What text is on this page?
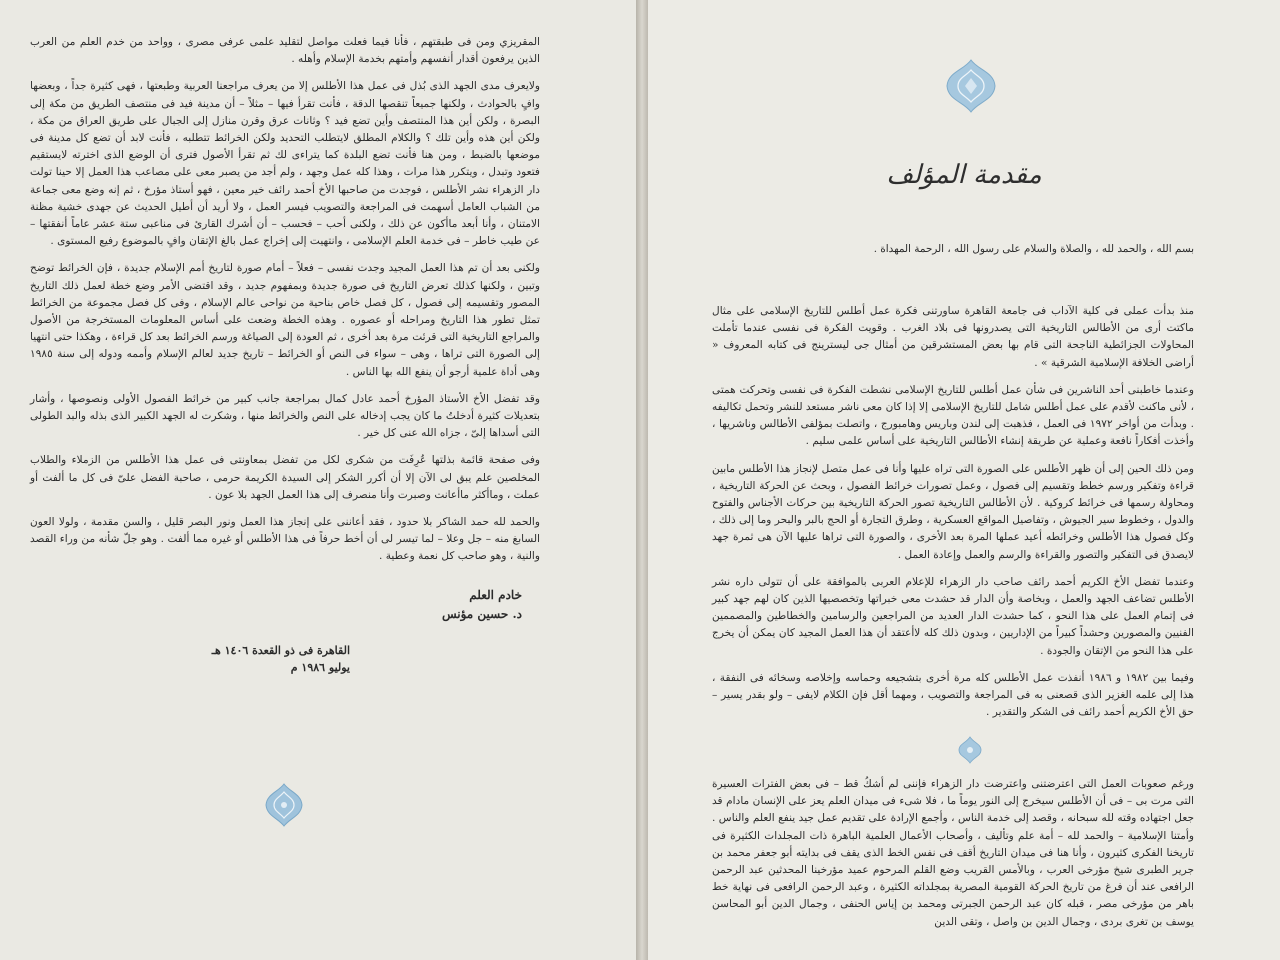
المقريزي ومن فى طبقتهم ، فأنا فيما فعلت مواصل لتقليد علمى عرفى مصرى ، وواحد من خدم العلم من العرب الذين يرفعون أقدار أنفسهم وأمتهم بخدمة الإسلام وأهله .

ولايعرف مدى الجهد الذى بُذل فى عمل هذا الأطلس إلا من يعرف مراجعنا العربية وطبعتها ، فهى كثيرة جداً ، وبعضها وافٍ بالحوادث ، ولكنها جميعاً تنقصها الدقة ، فأنت تقرأ فيها – مثلاً – أن مدينة فيد فى منتصف الطريق من مكة إلى البصرة ، ولكن أين هذا المنتصف وأين تضع فيد ؟ وثانات عرق وقرن منازل إلى الجبال على طريق العراق من مكة ، ولكن أين هذه وأين تلك ؟ والكلام المطلق لايتطلب التحديد ولكن الخرائط تتطلبه ، فأنت لابد أن تضع كل مدينة فى موضعها بالضبط ، ومن هنا فأنت تضع البلدة كما يتراءى لك ثم تقرأ الأصول فترى أن الوضع الذى اخترته لايستقيم فتعود وتبدل ، ويتكرر هذا مرات ، وهذا كله عمل وجهد ، ولم أجد من يصبر معى على مصاعب هذا العمل إلا حينا تولت دار الزهراء نشر الأطلس ، فوجدت من صاحبها الأخ أحمد رائف خير معين ، فهو أستاذ مؤرخ ، ثم إنه وضع معى جماعة من الشباب العامل أسهمت فى المراجعة والتصويب فيسر العمل ، ولا أريد أن أطيل الحديث عن جهدى خشية مظنة الامتنان ، وأنا أبعد ماأكون عن ذلك ، ولكنى أحب – فحسب – أن أشرك القارئ فى مناعبى ستة عشر عاماً أنفقتها – عن طيب خاطر – فى خدمة العلم الإسلامى ، وانتهيت إلى إخراج عمل بالغ الإتقان وافٍ بالموضوع رفيع المستوى .

ولكنى بعد أن تم هذا العمل المجيد وجدت نفسى – فعلاً – أمام صورة لتاريخ أمم الإسلام جديدة ، فإن الخرائط توضح وتبين ، ولكنها كذلك تعرض التاريخ فى صورة جديدة وبمفهوم جديد ، وقد اقتضى الأمر وضع خطة لعمل ذلك التاريخ المصور وتقسيمه إلى فصول ، كل فصل خاص بناحية من نواحى عالم الإسلام ، وفى كل فصل مجموعة من الخرائط تمثل تطور هذا التاريخ ومراحله أو عصوره . وهذه الخطة وضعت على أساس المعلومات المستخرجة من الأصول والمراجع التاريخية التى قرئت مرة بعد أخرى ، ثم العودة إلى الصياغة ورسم الخرائط بعد كل قراءة ، وهكذا حتى انتهيا إلى الصورة التى تراها ، وهى – سواء فى النص أو الخرائط – تاريخ جديد لعالم الإسلام وأممه ودوله إلى سنة ١٩٨٥ وهى أداة علمية أرجو أن ينفع الله بها الناس .

وقد تفضل الأخ الأستاذ المؤرخ أحمد عادل كمال بمراجعة جانب كبير من خرائط الفصول الأولى ونصوصها ، وأشار بتعديلات كثيرة أدخلتُ ما كان يجب إدخاله على النص والخرائط منها ، وشكرت له الجهد الكبير الذى بذله والبد الطولى التى أسداها إلىّ ، جزاه الله عنى كل خير .

وفى صفحة قائمة بذلتها عُرِفَت من شكرى لكل من تفضل بمعاونتى فى عمل هذا الأطلس من الزملاء والطلاب المخلصين علم يبق لى الآن إلا أن أكرر الشكر إلى السيدة الكريمة حرمى ، صاحبة الفضل علىّ فى كل ما ألفت أو عملت ، وماأكثر ماأعانت وصبرت وأنا منصرف إلى هذا العمل الجهد بلا عون .

والحمد لله حمد الشاكر بلا حدود ، فقد أعاننى على إنجاز هذا العمل ونور البصر قليل ، والسن مقدمة ، ولولا العون السابغ منه – جل وعلا – لما تيسر لى أن أخط حرفاً فى هذا الأطلس أو غيره مما ألفت . وهو جلّ شأنه من وراء القصد والنية ، وهو صاحب كل نعمة وعطية .

خادم العلم
د. حسين مؤنس
القاهرة فى ذو القعدة ١٤٠٦ هـ
يوليو ١٩٨٦ م
مقدمة المؤلف
بسم الله ، والحمد لله ، والصلاة والسلام على رسول الله ، الرحمة المهداة .

منذ بدأت عملى فى كلية الآداب فى جامعة القاهرة ساورتنى فكرة عمل أطلس للتاريخ الإسلامى على مثال ماكتت أرى من الأطالس التاريخية التى يصدرونها فى بلاد الغرب . وقويت الفكرة فى نفسى عندما تأملت المحاولات الجزائطية الناجحة التى قام بها بعض المستشرقين من أمثال جى ليسترينج فى كتابه المعروف « أراضى الخلافة الإسلامية الشرقية » .

وعندما خاطبنى أحد الناشرين فى شأن عمل أطلس للتاريخ الإسلامى نشطت الفكرة فى نفسى وتحركت همتى ، لأنى ماكنت لأقدم على عمل أطلس شامل للتاريخ الإسلامى إلا إذا كان معى ناشر مستعد للنشر وتحمل تكاليفه . وبدأت من أواخر ١٩٧٢ فى العمل ، فذهبت إلى لندن وباريس وهامبورج ، واتصلت بمؤلفى الأطالس وناشريها ، وأخذت أفكاراً نافعة وعملية عن طريقة إنشاء الأطالس التاريخية على أساس علمى سليم .

ومن ذلك الحين إلى أن ظهر الأطلس على الصورة التى تراه عليها وأنا فى عمل متصل لإنجاز هذا الأطلس مابين قراءة وتفكير ورسم خطط وتقسيم إلى فصول ، وعمل تصورات خرائط الفصول ، وبحث عن الحركة التاريخية ، ومحاولة رسمها فى خرائط كروكية . لأن الأطالس التاريخية تصور الحركة التاريخية بين حركات الأجناس والفتوح والدول ، وخطوط سير الجيوش ، وتفاصيل المواقع العسكرية ، وطرق التجارة أو الحج بالبر والبحر وما إلى ذلك ، وكل فصول هذا الأطلس وخرائطه أعيد عملها المرة بعد الأخرى ، والصورة التى تراها عليها الآن هى ثمرة جهد لايصدق فى التفكير والتصور والقراءة والرسم والعمل وإعادة العمل .

وعندما تفضل الأخ الكريم أحمد رائف صاحب دار الزهراء للإعلام العربى بالموافقة على أن تتولى داره نشر الأطلس تضاعف الجهد والعمل ، وبخاصة وأن الدار قد حشدت معى خبراتها وتخصصيها الذين كان لهم جهد كبير فى إتمام العمل على هذا النحو ، كما حشدت الدار العديد من المراجعين والرسامين والخطاطين والمصممين الفنيين والمصورين وحشداً كبيراً من الإداريين ، وبدون ذلك كله لاأعتقد أن هذا العمل المجيد كان يمكن أن يخرج على هذا النحو من الإتقان والجودة .

وفيما بين ١٩٨٢ و ١٩٨٦ أنفذت عمل الأطلس كله مرة أخرى بتشجيعه وحماسه وإخلاصه وسخائه فى النفقة ، هذا إلى علمه الغزير الذى قصعنى به فى المراجعة والتصويب ، ومهما أقل فإن الكلام لايفى – ولو بقدر يسير – حق الأخ الكريم أحمد رائف فى الشكر والتقدير .

ورغم صعوبات العمل التى اعترضتنى واعترضت دار الزهراء فإننى لم أشكُ قط – فى بعض الفترات العسيرة التى مرت بى – فى أن الأطلس سيخرج إلى النور يوماً ما ، فلا شىء فى ميدان العلم يعز على الإنسان مادام قد جعل اجتهاده وقته لله سبحانه ، وقصد إلى خدمة الناس ، وأجمع الإرادة على تقديم عمل جيد ينفع العلم والناس . وأمتنا الإسلامية – والحمد لله – أمة علم وتأليف ، وأصحاب الأعمال العلمية الباهرة ذات المجلدات الكثيرة فى تاريخنا الفكرى كثيرون ، وأنا هنا فى ميدان التاريخ أقف فى نفس الخط الذى يقف فى بدايته أبو جعفر محمد بن جرير الطبرى شيخ مؤرخى العرب ، وبالأمس القريب وضع القلم المرحوم عميد مؤرخينا المحدثين عبد الرحمن الرافعى عند أن فرغ من تاريخ الحركة القومية المصرية بمجلداته الكثيرة ، وعبد الرحمن الرافعى فى نهاية خط باهر من مؤرخى مصر ، قبله كان عبد الرحمن الجبرتى ومحمد بن إياس الحنفى ، وجمال الدين أبو المحاسن يوسف بن تغرى بردى ، وجمال الدين بن واصل ، وتقى الدين
